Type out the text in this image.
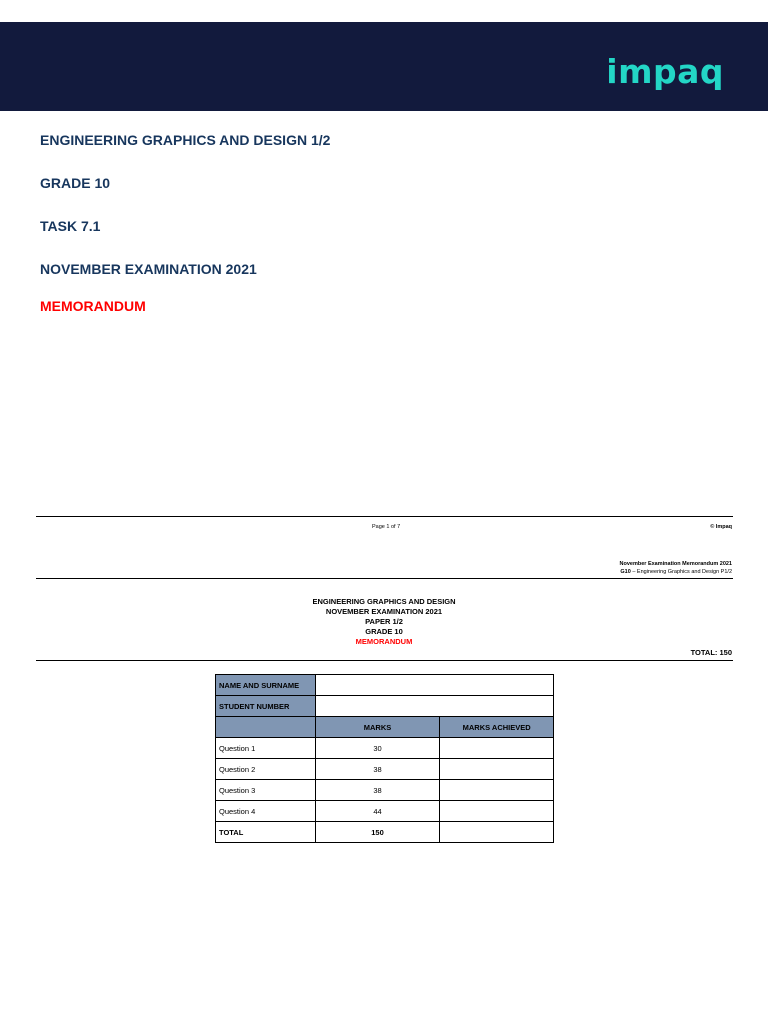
impaq
ENGINEERING GRAPHICS AND DESIGN 1/2
GRADE 10
TASK 7.1
NOVEMBER EXAMINATION 2021
MEMORANDUM
Page 1 of 7	© Impaq
November Examination Memorandum 2021
G10 – Engineering Graphics and Design P1/2
ENGINEERING GRAPHICS AND DESIGN
NOVEMBER EXAMINATION 2021
PAPER 1/2
GRADE 10
MEMORANDUM
TOTAL: 150
NAME AND SURNAME		
STUDENT NUMBER		
	MARKS	MARKS ACHIEVED
Question 1	30	
Question 2	38	
Question 3	38	
Question 4	44	
TOTAL	150	
